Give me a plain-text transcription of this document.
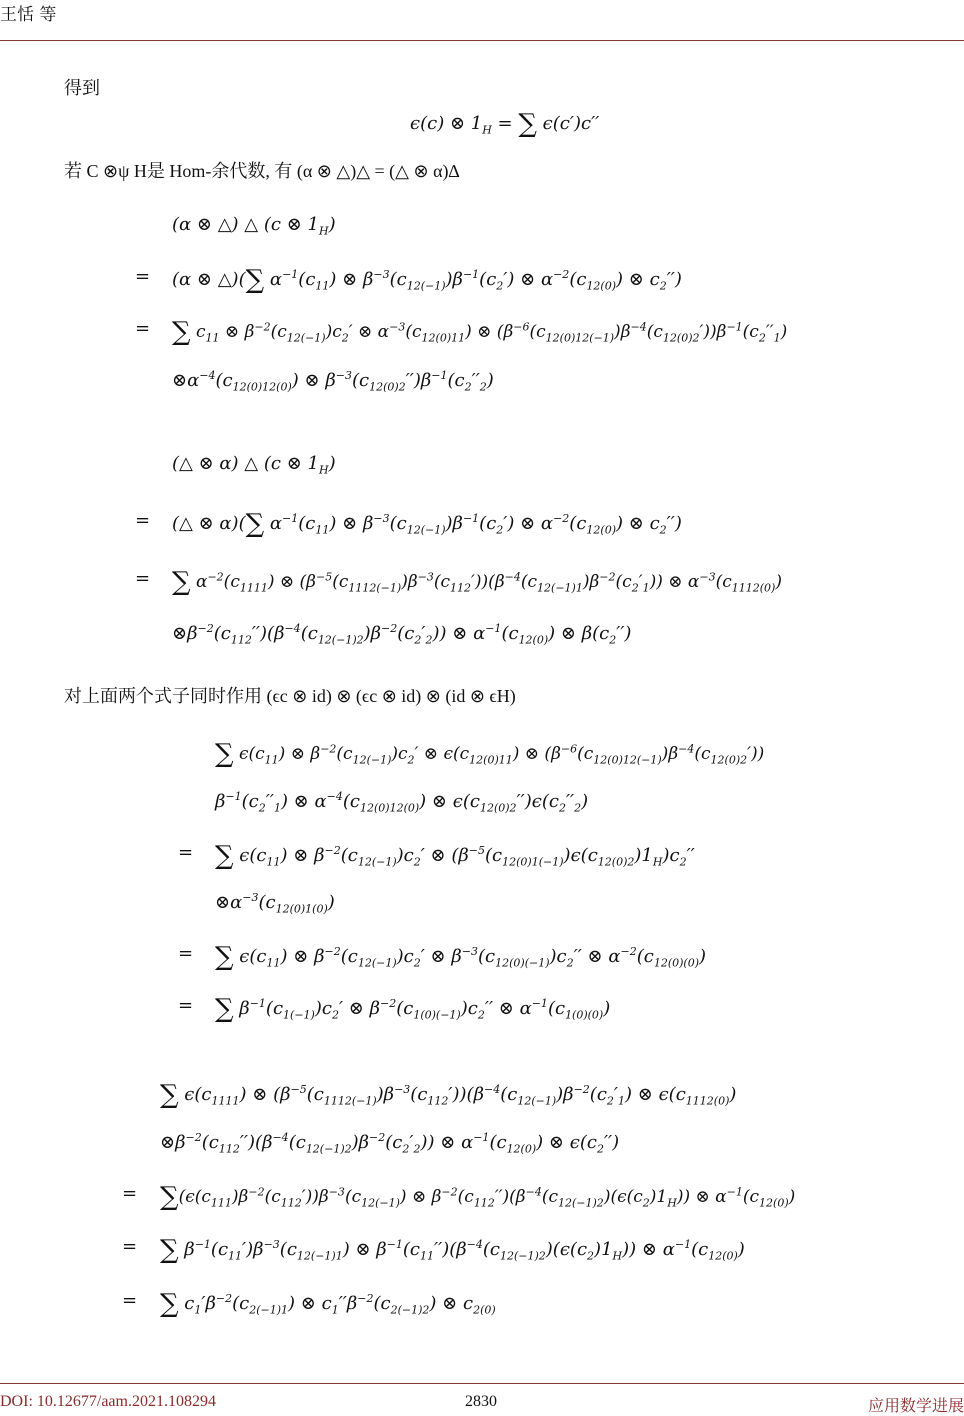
王恬 等
得到
ϵ(c) ⊗ $1_H$ = ∑ ϵ(c′)c′′
若 C ⊗ψ H是 Hom-余代数, 有 (α ⊗ △)△ = (△ ⊗ α)∆
(α ⊗ △) △ (c ⊗ $1_H$)
= (α ⊗ △)(∑ $\alpha^{-1}(c_{11})$ ⊗ $\beta^{-3}(c_{12(-1)})\beta^{-1}(c_2')$ ⊗ $\alpha^{-2}(c_{12(0)})$ ⊗ $c_2''$)
= ∑ $c_{11}$ ⊗ $\beta^{-2}(c_{12(-1)})c_2'$ ⊗ $\alpha^{-3}(c_{12(0)11})$ ⊗ $(\beta^{-6}(c_{12(0)12(-1)})\beta^{-4}(c_{12(0)2}'))\beta^{-1}(c_2''_1)$
$\otimes\alpha^{-4}(c_{12(0)12(0)})$ ⊗ $\beta^{-3}(c_{12(0)2}'')\beta^{-1}(c_2''_2)$
(△ ⊗ α) △ (c ⊗ $1_H$)
= (△ ⊗ α)(∑ $\alpha^{-1}(c_{11})$ ⊗ $\beta^{-3}(c_{12(-1)})\beta^{-1}(c_2')$ ⊗ $\alpha^{-2}(c_{12(0)})$ ⊗ $c_2''$)
= ∑ $\alpha^{-2}(c_{1111})$ ⊗ $(\beta^{-5}(c_{1112(-1)})\beta^{-3}(c_{112}'))(\beta^{-4}(c_{12(-1)1})\beta^{-2}(c_2'_1))$ ⊗ $\alpha^{-3}(c_{1112(0)})$
$\otimes\beta^{-2}(c_{112}'')(\beta^{-4}(c_{12(-1)2})\beta^{-2}(c_2'_2))$ ⊗ $\alpha^{-1}(c_{12(0)})$ ⊗ $\beta(c_2'')$
对上面两个式子同时作用 (ϵc ⊗ id) ⊗ (ϵc ⊗ id) ⊗ (id ⊗ ϵH)
∑ $\epsilon(c_{11})$ ⊗ $\beta^{-2}(c_{12(-1)})c_2'$ ⊗ $\epsilon(c_{12(0)11})$ ⊗ $(\beta^{-6}(c_{12(0)12(-1)})\beta^{-4}(c_{12(0)2}'))$
$\beta^{-1}(c_2''_1)$ ⊗ $\alpha^{-4}(c_{12(0)12(0)})$ ⊗ $\epsilon(c_{12(0)2}'')\epsilon(c_2''_2)$
= ∑ $\epsilon(c_{11})$ ⊗ $\beta^{-2}(c_{12(-1)})c_2'$ ⊗ $(\beta^{-5}(c_{12(0)1(-1)})\epsilon(c_{12(0)2})1_H)c_2''$
$\otimes\alpha^{-3}(c_{12(0)1(0)})$
= ∑ $\epsilon(c_{11})$ ⊗ $\beta^{-2}(c_{12(-1)})c_2'$ ⊗ $\beta^{-3}(c_{12(0)(-1)})c_2''$ ⊗ $\alpha^{-2}(c_{12(0)(0)})$
= ∑ $\beta^{-1}(c_{1(-1)})c_2'$ ⊗ $\beta^{-2}(c_{1(0)(-1)})c_2''$ ⊗ $\alpha^{-1}(c_{1(0)(0)})$
∑ $\epsilon(c_{1111})$ ⊗ $(\beta^{-5}(c_{1112(-1)})\beta^{-3}(c_{112}'))(\beta^{-4}(c_{12(-1)})\beta^{-2}(c_2'_1)$ ⊗ $\epsilon(c_{1112(0)})$
$\otimes\beta^{-2}(c_{112}'')(\beta^{-4}(c_{12(-1)2})\beta^{-2}(c_2'_2))$ ⊗ $\alpha^{-1}(c_{12(0)})$ ⊗ $\epsilon(c_2'')$
= $\sum(\epsilon(c_{111})\beta^{-2}(c_{112}'))\beta^{-3}(c_{12(-1)})$ ⊗ $\beta^{-2}(c_{112}'')(\beta^{-4}(c_{12(-1)2})(\epsilon(c_2)1_H))$ ⊗ $\alpha^{-1}(c_{12(0)})$
= ∑ $\beta^{-1}(c_{11}')\beta^{-3}(c_{12(-1)1})$ ⊗ $\beta^{-1}(c_{11}'')(\beta^{-4}(c_{12(-1)2})(\epsilon(c_2)1_H))$ ⊗ $\alpha^{-1}(c_{12(0)})$
= ∑ $c_1'\beta^{-2}(c_{2(-1)1})$ ⊗ $c_1''\beta^{-2}(c_{2(-1)2})$ ⊗ $c_{2(0)}$
DOI: 10.12677/aam.2021.108294	2830	应用数学进展
